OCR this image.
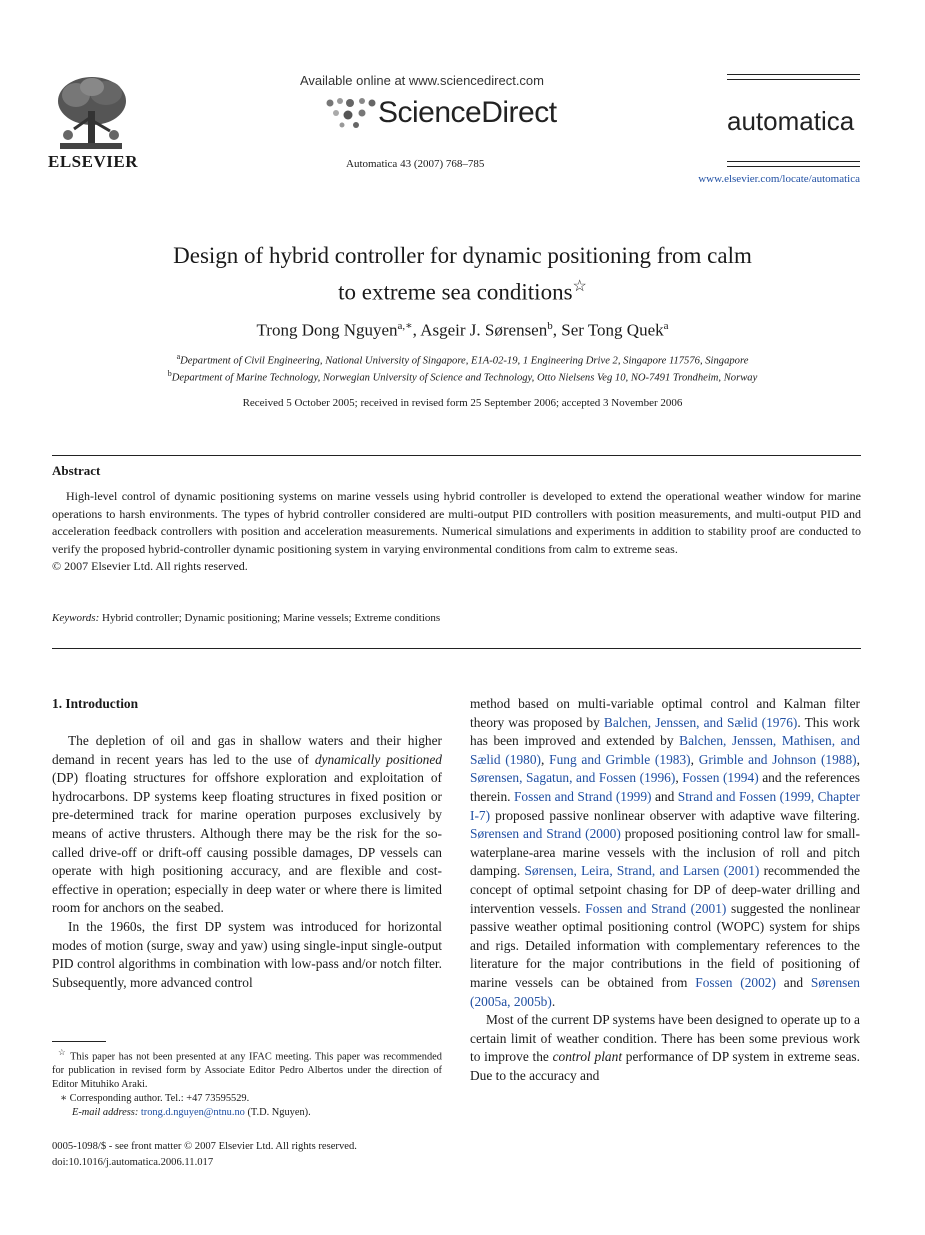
ELSEVIER
Available online at www.sciencedirect.com
ScienceDirect
Automatica 43 (2007) 768–785
automatica
www.elsevier.com/locate/automatica
Design of hybrid controller for dynamic positioning from calm
to extreme sea conditions☆
Trong Dong Nguyen$^{a,∗}$, Asgeir J. Sørensen$^b$, Ser Tong Quek$^a$
$^a$Department of Civil Engineering, National University of Singapore, E1A-02-19, 1 Engineering Drive 2, Singapore 117576, Singapore
$^b$Department of Marine Technology, Norwegian University of Science and Technology, Otto Nielsens Veg 10, NO-7491 Trondheim, Norway
Received 5 October 2005; received in revised form 25 September 2006; accepted 3 November 2006
Abstract

High-level control of dynamic positioning systems on marine vessels using hybrid controller is developed to extend the operational weather window for marine operations to harsh environments. The types of hybrid controller considered are multi-output PID controllers with position measurements, and multi-output PID and acceleration feedback controllers with position and acceleration measurements. Numerical simulations and experiments in addition to stability proof are conducted to verify the proposed hybrid-controller dynamic positioning system in varying environmental conditions from calm to extreme seas.

© 2007 Elsevier Ltd. All rights reserved.
Keywords: Hybrid controller; Dynamic positioning; Marine vessels; Extreme conditions
1. Introduction

The depletion of oil and gas in shallow waters and their higher demand in recent years has led to the use of dynamically positioned (DP) floating structures for offshore exploration and exploitation of hydrocarbons. DP systems keep floating structures in fixed position or pre-determined track for marine operation purposes exclusively by means of active thrusters. Although there may be the risk for the so-called drive-off or drift-off causing possible damages, DP vessels can operate with high positioning accuracy, and are flexible and cost-effective in operation; especially in deep water or where there is limited room for anchors on the seabed.

In the 1960s, the first DP system was introduced for horizontal modes of motion (surge, sway and yaw) using single-input single-output PID control algorithms in combination with low-pass and/or notch filter. Subsequently, more advanced control

☆ This paper has not been presented at any IFAC meeting. This paper was recommended for publication in revised form by Associate Editor Pedro Albertos under the direction of Editor Mituhiko Araki.

∗ Corresponding author. Tel.: +47 73595529.

E-mail address: trong.d.nguyen@ntnu.no (T.D. Nguyen).

0005-1098/$ - see front matter © 2007 Elsevier Ltd. All rights reserved.
doi:10.1016/j.automatica.2006.11.017

method based on multi-variable optimal control and Kalman filter theory was proposed by Balchen, Jenssen, and Sælid (1976). This work has been improved and extended by Balchen, Jenssen, Mathisen, and Sælid (1980), Fung and Grimble (1983), Grimble and Johnson (1988), Sørensen, Sagatun, and Fossen (1996), Fossen (1994) and the references therein. Fossen and Strand (1999) and Strand and Fossen (1999, Chapter I-7) proposed passive nonlinear observer with adaptive wave filtering. Sørensen and Strand (2000) proposed positioning control law for small-waterplane-area marine vessels with the inclusion of roll and pitch damping. Sørensen, Leira, Strand, and Larsen (2001) recommended the concept of optimal setpoint chasing for DP of deep-water drilling and intervention vessels. Fossen and Strand (2001) suggested the nonlinear passive weather optimal positioning control (WOPC) system for ships and rigs. Detailed information with complementary references to the literature for the major contributions in the field of positioning of marine vessels can be obtained from Fossen (2002) and Sørensen (2005a, 2005b).

Most of the current DP systems have been designed to operate up to a certain limit of weather condition. There has been some previous work to improve the control plant performance of DP system in extreme seas. Due to the accuracy and
